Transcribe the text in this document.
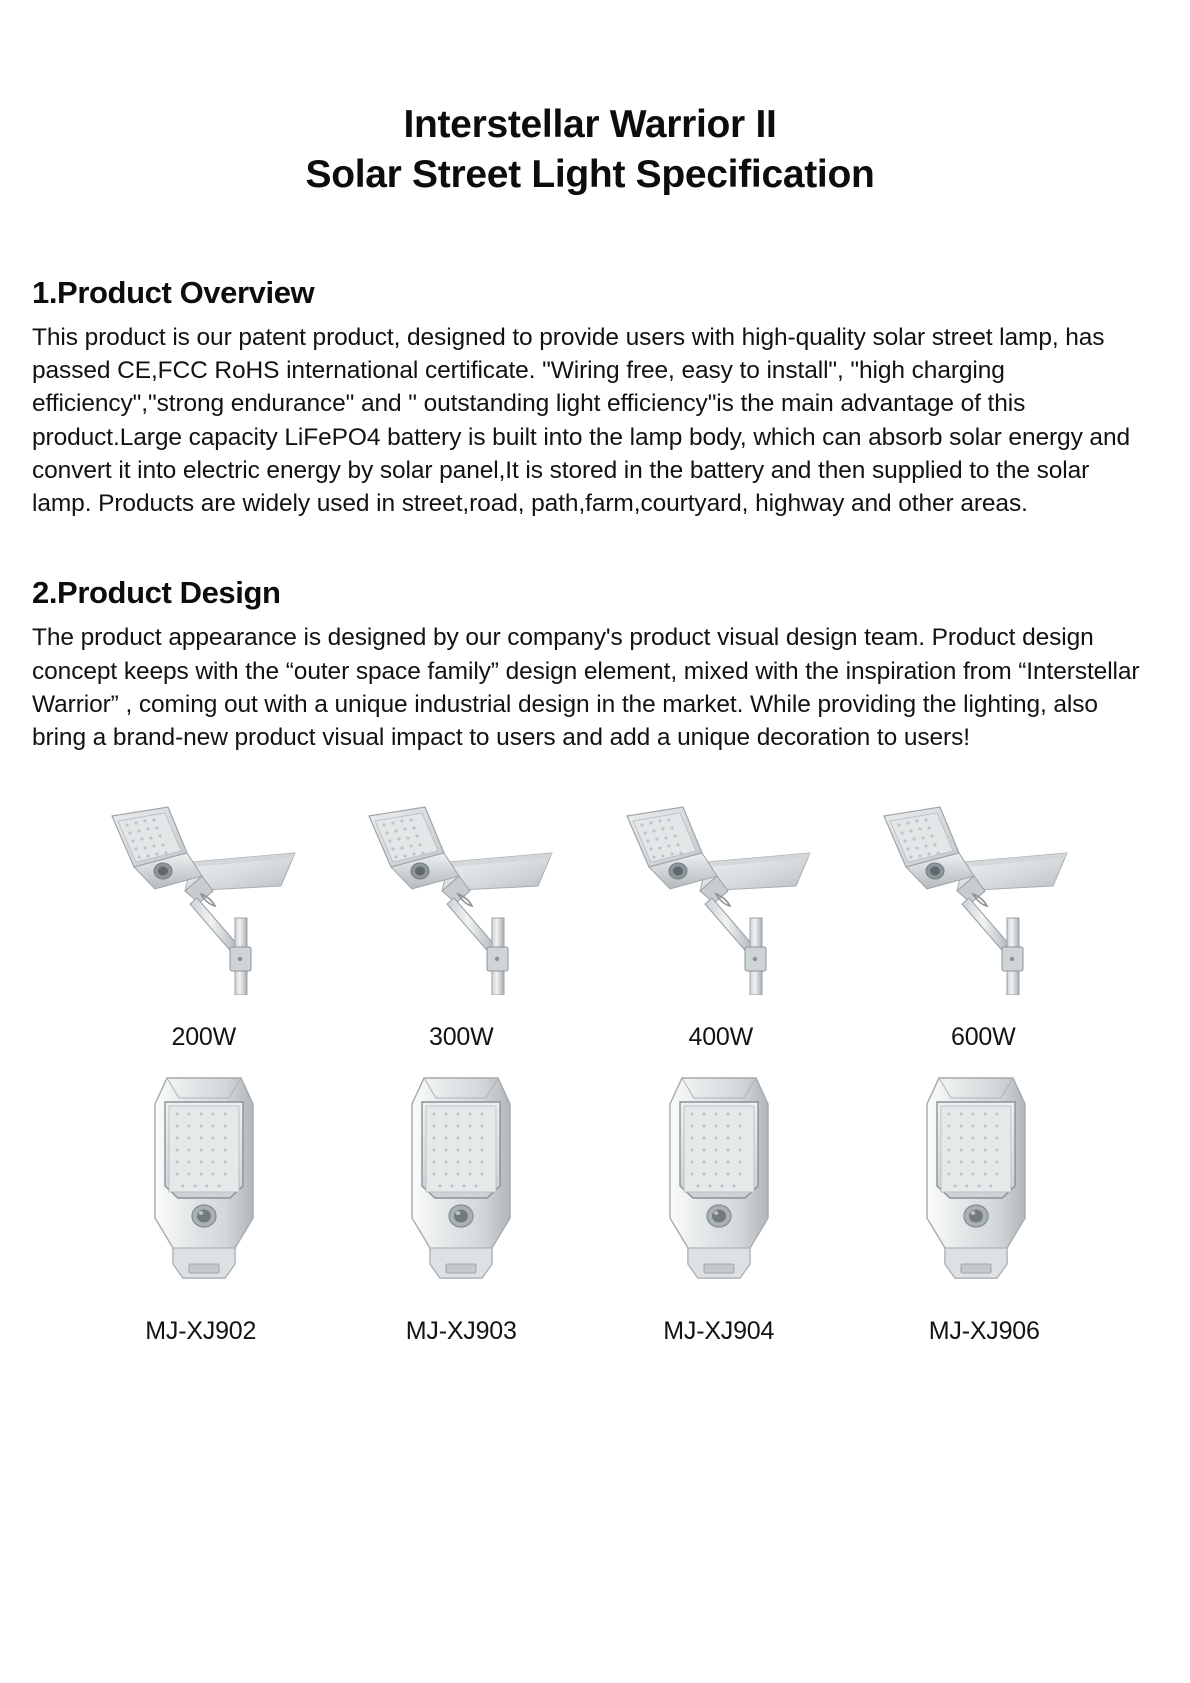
Interstellar Warrior II
Solar Street Light Specification
1.Product Overview

This product is our patent product, designed to provide users with high-quality solar street lamp, has passed CE,FCC RoHS international certificate. "Wiring free, easy to install", "high charging efficiency","strong endurance" and " outstanding light efficiency"is the main advantage of this product.Large capacity LiFePO4 battery is built into the lamp body, which can absorb solar energy and convert it into electric energy by solar panel,It is stored in the battery and then supplied to the solar lamp. Products are widely used in street,road, path,farm,courtyard, highway and other areas.

2.Product Design

The product appearance is designed by our company's product visual design team. Product design concept keeps with the “outer space family” design element, mixed with the inspiration from “Interstellar Warrior” , coming out with a unique industrial design in the market. While providing the lighting, also bring a brand-new product visual impact to users and add a unique decoration to users!

200W	300W	400W	600W
MJ-XJ902	MJ-XJ903	MJ-XJ904	MJ-XJ906
